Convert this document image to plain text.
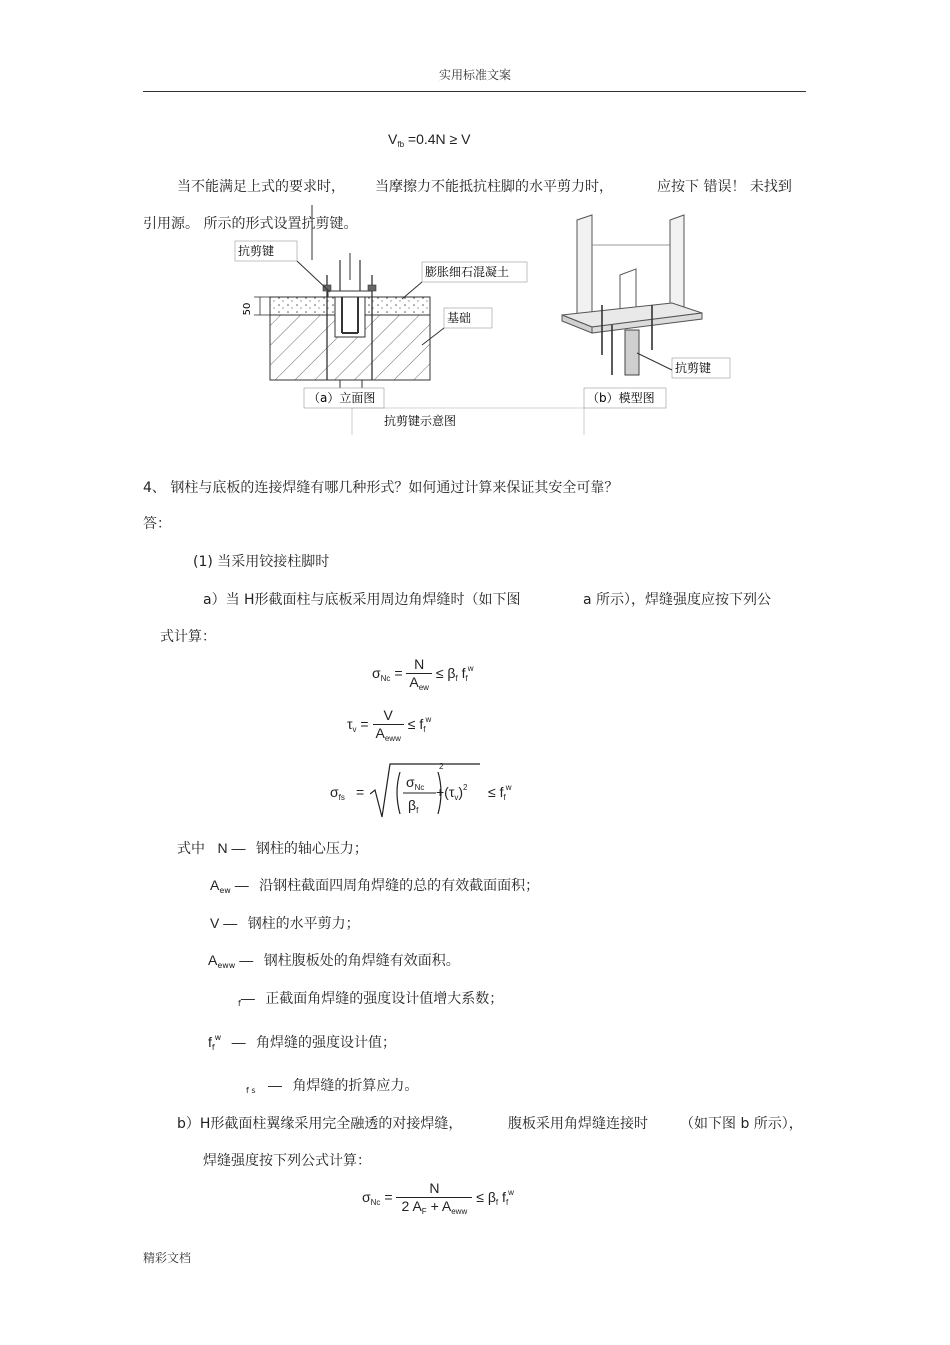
实用标准文案
$V_{fb} =0.4N \ge V$
当不能满足上式的要求时， 当摩擦力不能抵抗柱脚的水平剪力时，	应按下 错误！ 未找到
引用源。 所示的形式设置抗剪键。
50
抗剪键
膨胀细石混凝土
基础
（a）立面图
抗剪键
（b）模型图
抗剪键示意图
4、 钢柱与底板的连接焊缝有哪几种形式？如何通过计算来保证其安全可靠？
答：
(1) 当采用铰接柱脚时
a）当 H形截面柱与底板采用周边角焊缝时（如下图	a 所示），焊缝强度应按下列公
式计算：
$\sigma_{Nc} = \frac{N}{A_{ew}} \le \beta_f$ $f_f^w$
$\tau_v = \frac{V}{A_{eww}} \le f_f^w$
$\sigma_{fs}$ =
$\sigma_{Nc}$
$\beta_f$
2
$+(\tau_v)^2 \le f_f^w$
式中 N — 钢柱的轴心压力；
$A_{ew}$ — 沿钢柱截面四周角焊缝的总的有效截面面积；
V — 钢柱的水平剪力；
$A_{eww}$ — 钢柱腹板处的角焊缝有效面积。
$_f$— 正截面角焊缝的强度设计值增大系数；
$f_f^w$ — 角焊缝的强度设计值；
$_{f s}$ — 角焊缝的折算应力。
b）H形截面柱翼缘采用完全融透的对接焊缝，	腹板采用角焊缝连接时 （如下图 b 所示），
焊缝强度按下列公式计算：
$\sigma_{Nc} = \frac{N}{2 A_F + A_{eww}} \le \beta_f$ $f_f^w$
精彩文档
